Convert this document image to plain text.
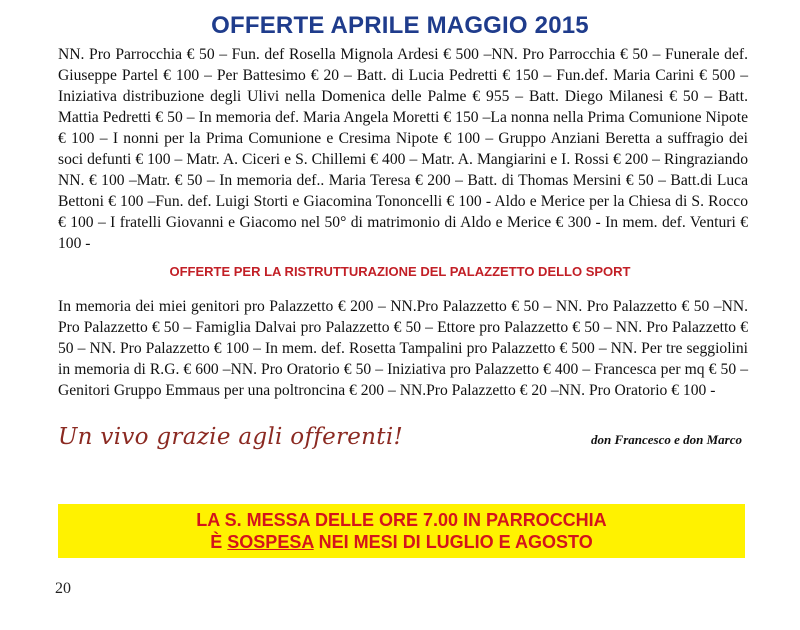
OFFERTE APRILE MAGGIO 2015

NN. Pro Parrocchia € 50 – Fun. def Rosella Mignola Ardesi € 500 –NN. Pro Parrocchia € 50 – Funerale def. Giuseppe Partel € 100 – Per Battesimo € 20 – Batt. di Lucia Pedretti € 150 – Fun.def. Maria Carini € 500 –Iniziativa distribuzione degli Ulivi nella Domenica delle Palme € 955 – Batt. Diego Milanesi € 50 – Batt. Mattia Pedretti € 50 – In memoria def. Maria Angela Moretti € 150 –La nonna nella Prima Comunione Nipote € 100 – I nonni per la Prima Comunione e Cresima Nipote € 100 – Gruppo Anziani Beretta a suffragio dei soci defunti € 100 – Matr. A. Ciceri e S. Chillemi € 400 – Matr. A. Mangiarini e I. Rossi € 200 – Ringraziando NN. € 100 –Matr. € 50 – In memoria def.. Maria Teresa € 200 – Batt. di Thomas Mersini € 50 – Batt.di Luca Bettoni € 100 –Fun. def. Luigi Storti e Giacomina Tononcelli € 100 - Aldo e Merice per la Chiesa di S. Rocco € 100 – I fratelli Giovanni e Giacomo nel 50° di matrimonio di Aldo e Merice € 300 - In mem. def. Venturi € 100 -

OFFERTE PER LA RISTRUTTURAZIONE DEL PALAZZETTO DELLO SPORT

In memoria dei miei genitori pro Palazzetto € 200 – NN.Pro Palazzetto € 50 – NN. Pro Palazzetto € 50 –NN. Pro Palazzetto € 50 – Famiglia Dalvai pro Palazzetto € 50 – Ettore pro Palazzetto € 50 – NN. Pro Palazzetto € 50 – NN. Pro Palazzetto € 100 – In mem. def. Rosetta Tampalini pro Palazzetto € 500 – NN. Per tre seggiolini in memoria di R.G. € 600 –NN. Pro Oratorio € 50 – Iniziativa pro Palazzetto € 400 – Francesca per mq € 50 – Genitori Gruppo Emmaus per una poltroncina € 200 – NN.Pro Palazzetto € 20 –NN. Pro Oratorio € 100 -

Un vivo grazie agli offerenti!	don Francesco e don Marco

LA S. MESSA DELLE ORE 7.00 IN PARROCCHIA
È SOSPESA NEI MESI DI LUGLIO E AGOSTO

20
